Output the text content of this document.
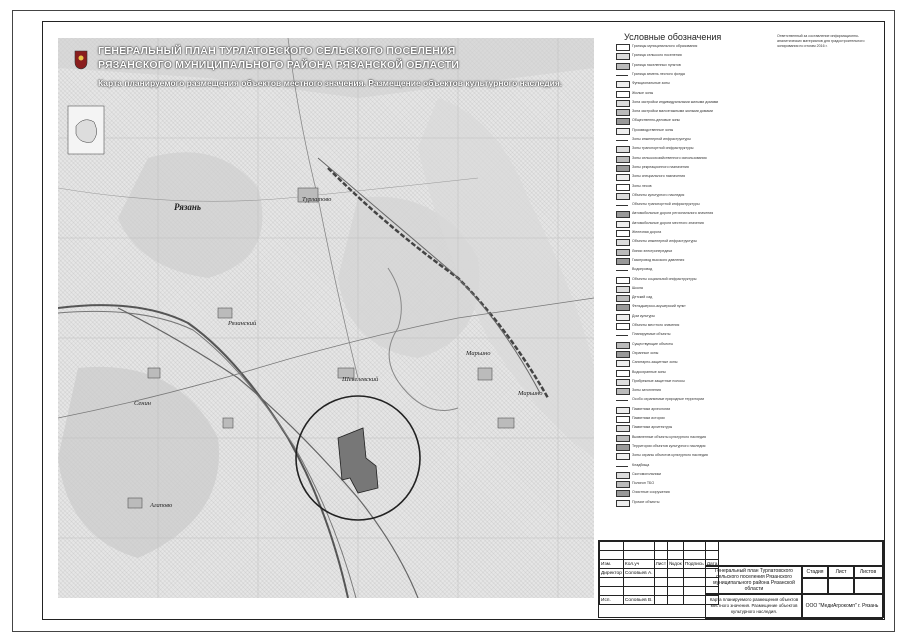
ГЕНЕРАЛЬНЫЙ ПЛАН ТУРЛАТОВСКОГО СЕЛЬСКОГО ПОСЕЛЕНИЯ
РЯЗАНСКОГО МУНИЦИПАЛЬНОГО РАЙОНА РЯЗАНСКОЙ ОБЛАСТИ
Карта планируемого размещения объектов местного значения. Размещение объектов культурного наследия.
Рязань
Турлатово
Рязанский
Марьино
Шевелевский
Марьино
Сенин
Агапово
Условные обозначения	Ответственный за составление информационно-аналитических материалов для градостроительного зонирования по итогам 2016 г.
Границы муниципального образования
Граница сельского поселения
Граница населенных пунктов
Граница земель лесного фонда
Функциональные зоны
Жилые зоны
Зона застройки индивидуальными жилыми домами
Зона застройки малоэтажными жилыми домами
Общественно-деловые зоны
Производственные зоны
Зоны инженерной инфраструктуры
Зоны транспортной инфраструктуры
Зоны сельскохозяйственного использования
Зоны рекреационного назначения
Зоны специального назначения
Зоны лесов
Объекты культурного наследия
Объекты транспортной инфраструктуры
Автомобильные дороги регионального значения
Автомобильные дороги местного значения
Железная дорога
Объекты инженерной инфраструктуры
Линии электропередачи
Газопровод высокого давления
Водопровод
Объекты социальной инфраструктуры
Школа
Детский сад
Фельдшерско-акушерский пункт
Дом культуры
Объекты местного значения
Планируемые объекты
Существующие объекты
Охранные зоны
Санитарно-защитные зоны
Водоохранные зоны
Прибрежные защитные полосы
Зоны затопления
Особо охраняемые природные территории
Памятники археологии
Памятники истории
Памятники архитектуры
Выявленные объекты культурного наследия
Территории объектов культурного наследия
Зоны охраны объектов культурного наследия
Кладбища
Скотомогильники
Полигон ТБО
Очистные сооружения
Прочие объекты

Изм.	Кол.уч	Лист	№док	Подпись	Дата
Директор	Соловьев А.				

Исп.	Соловьев В.				
Генеральный план Турлатовского сельского поселения Рязанского муниципального района Рязанской области
Стадия	Лист	Листов
Карта планируемого размещения объектов местного значения. Размещение объектов культурного наследия.
ООО "МедиАгрокомп" г. Рязань
